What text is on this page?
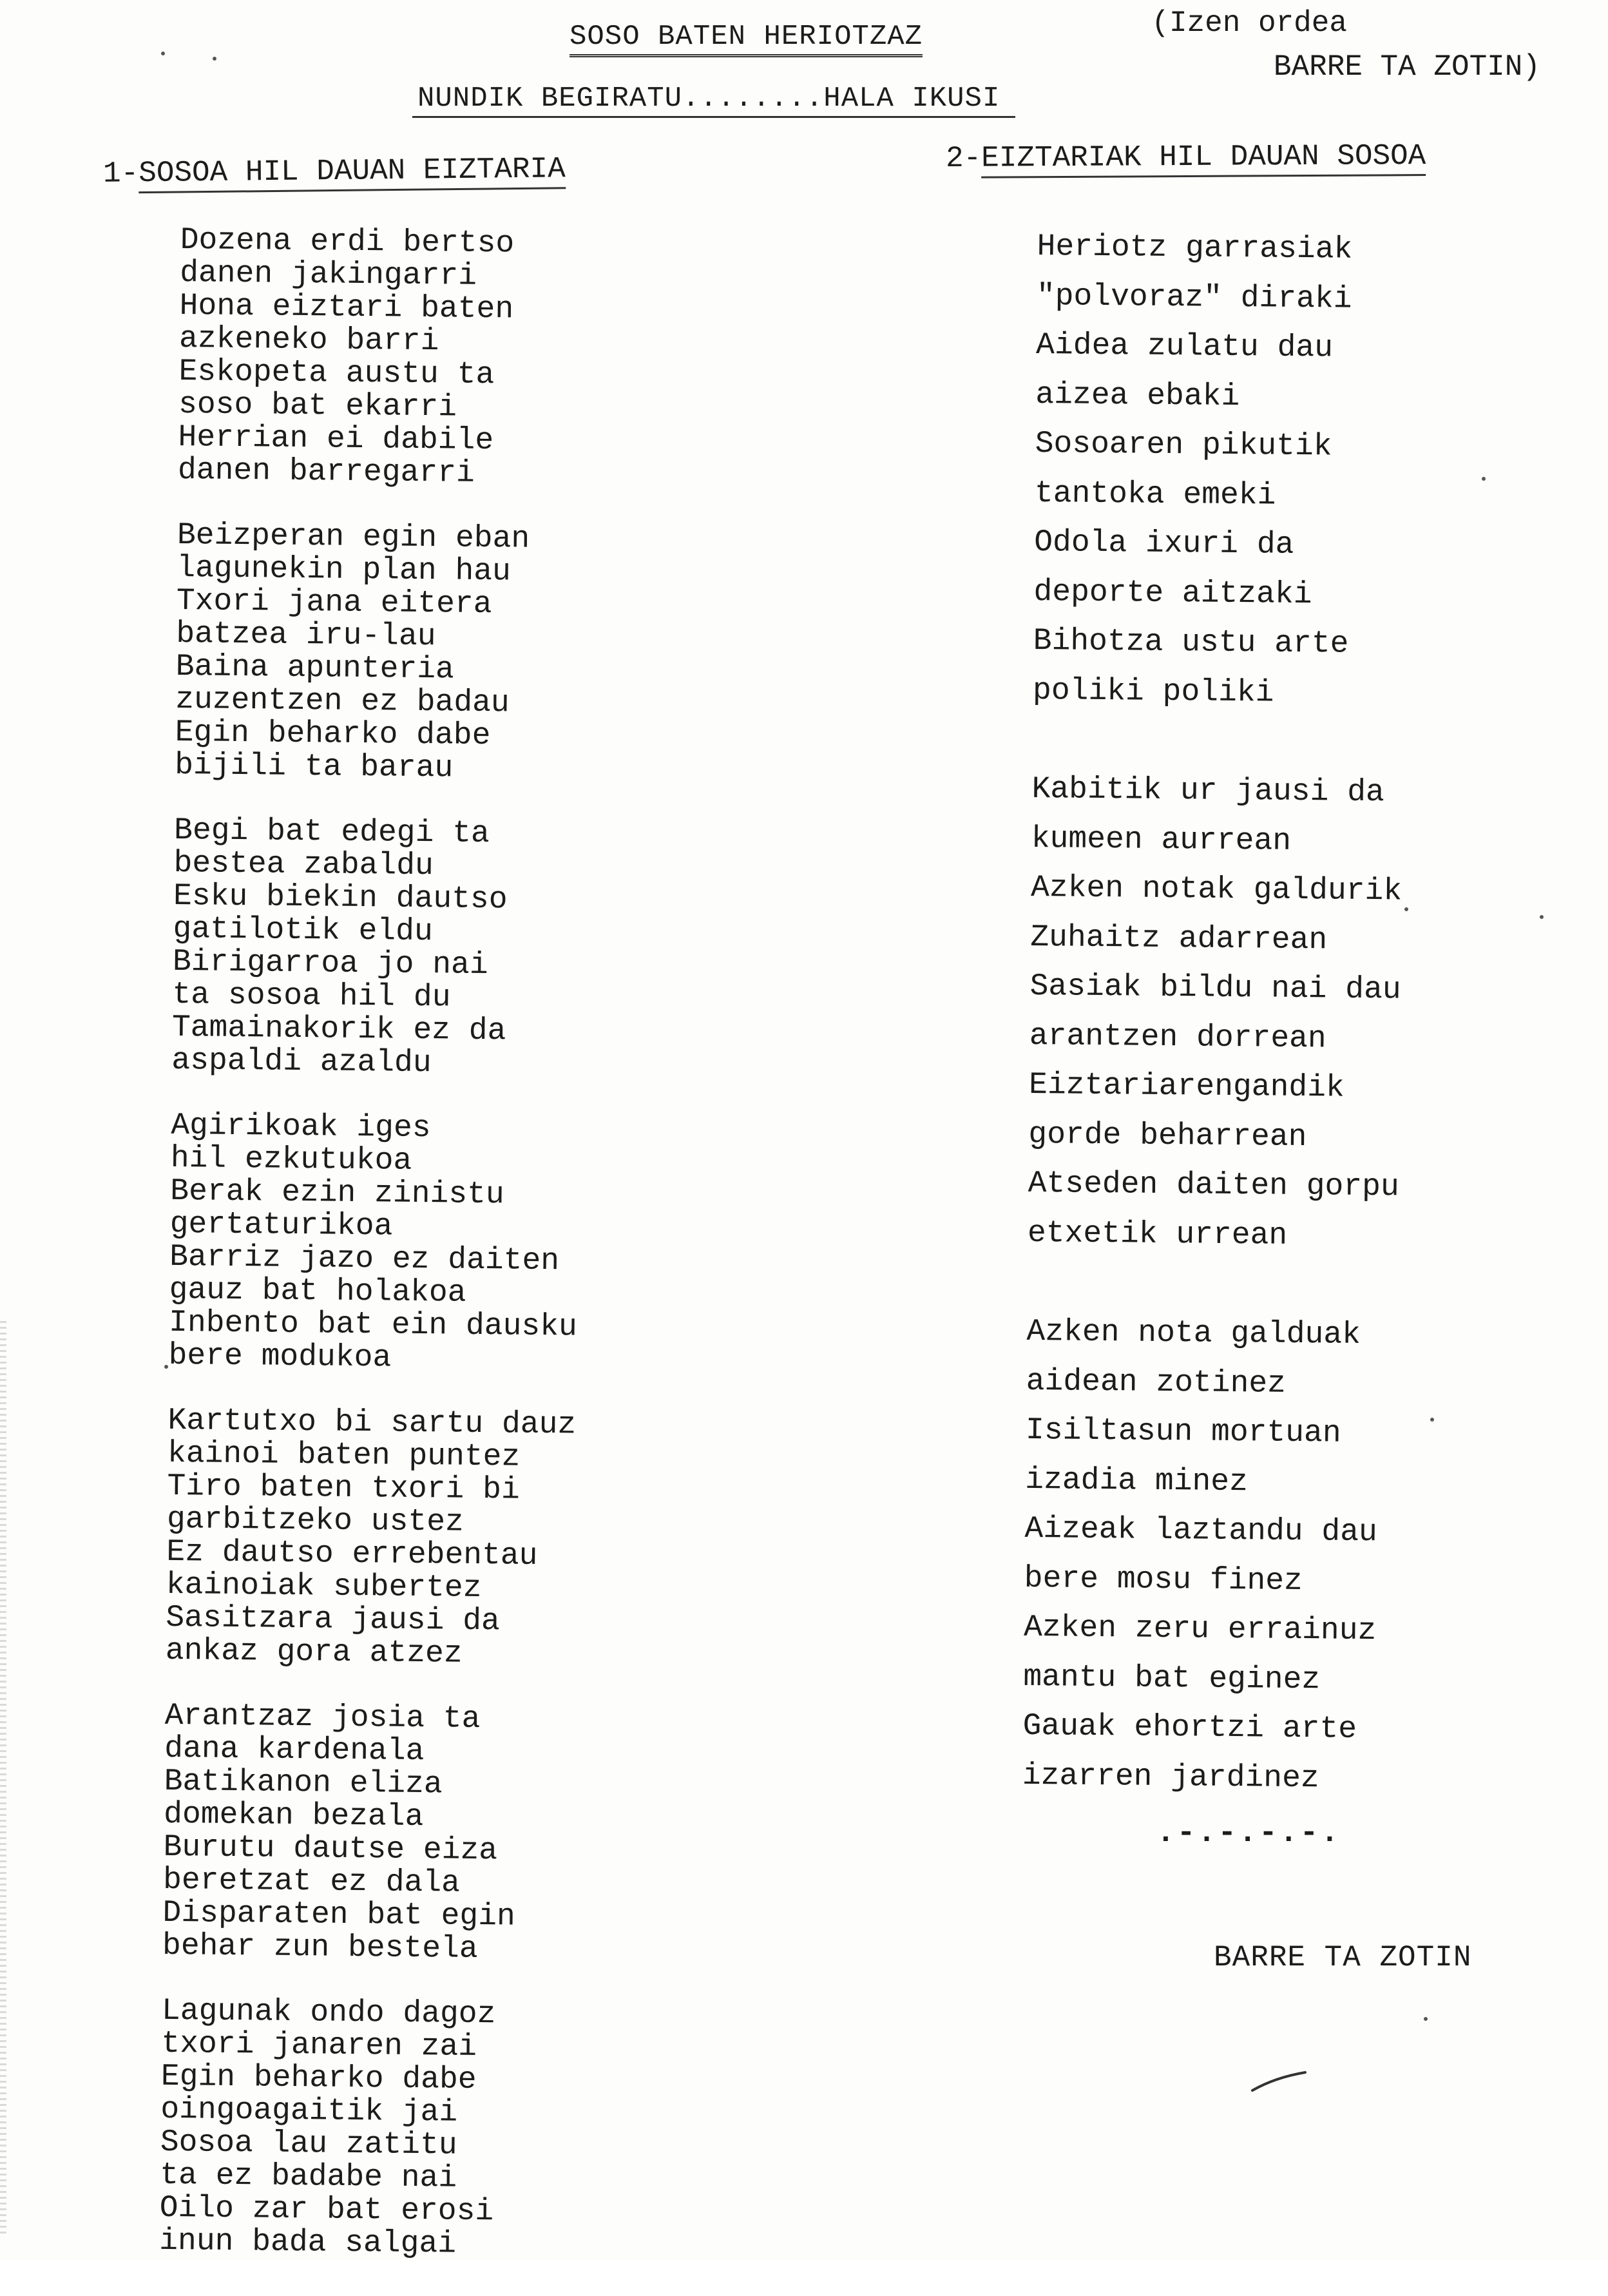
SOSO BATEN HERIOTZAZ	(Izen ordea
BARRE TA ZOTIN)
NUNDIK BEGIRATU........HALA IKUSI
1-SOSOA HIL DAUAN EIZTARIA	2-EIZTARIAK HIL DAUAN SOSOA
Dozena erdi bertso
danen jakingarri
Hona eiztari baten
azkeneko barri
Eskopeta austu ta
soso bat ekarri
Herrian ei dabile
danen barregarri
Beizperan egin eban
lagunekin plan hau
Txori jana eitera
batzea iru-lau
Baina apunteria
zuzentzen ez badau
Egin beharko dabe
bijili ta barau
Begi bat edegi ta
bestea zabaldu
Esku biekin dautso
gatilotik eldu
Birigarroa jo nai
ta sosoa hil du
Tamainakorik ez da
aspaldi azaldu
Agirikoak iges
hil ezkutukoa
Berak ezin zinistu
gertaturikoa
Barriz jazo ez daiten
gauz bat holakoa
Inbento bat ein dausku
bere modukoa
Kartutxo bi sartu dauz
kainoi baten puntez
Tiro baten txori bi
garbitzeko ustez
Ez dautso errebentau
kainoiak subertez
Sasitzara jausi da
ankaz gora atzez
Arantzaz josia ta
dana kardenala
Batikanon eliza
domekan bezala
Burutu dautse eiza
beretzat ez dala
Disparaten bat egin
behar zun bestela
Lagunak ondo dagoz
txori janaren zai
Egin beharko dabe
oingoagaitik jai
Sosoa lau zatitu
ta ez badabe nai
Oilo zar bat erosi
inun bada salgai
Heriotz garrasiak
"polvoraz" diraki
Aidea zulatu dau
aizea ebaki
Sosoaren pikutik
tantoka emeki
Odola ixuri da
deporte aitzaki
Bihotza ustu arte
poliki poliki
Kabitik ur jausi da
kumeen aurrean
Azken notak galdurik
Zuhaitz adarrean
Sasiak bildu nai dau
arantzen dorrean
Eiztariarengandik
gorde beharrean
Atseden daiten gorpu
etxetik urrean
Azken nota galduak
aidean zotinez
Isiltasun mortuan
izadia minez
Aizeak laztandu dau
bere mosu finez
Azken zeru errainuz
mantu bat eginez
Gauak ehortzi arte
izarren jardinez
.-.-.-.-.
BARRE TA ZOTIN
